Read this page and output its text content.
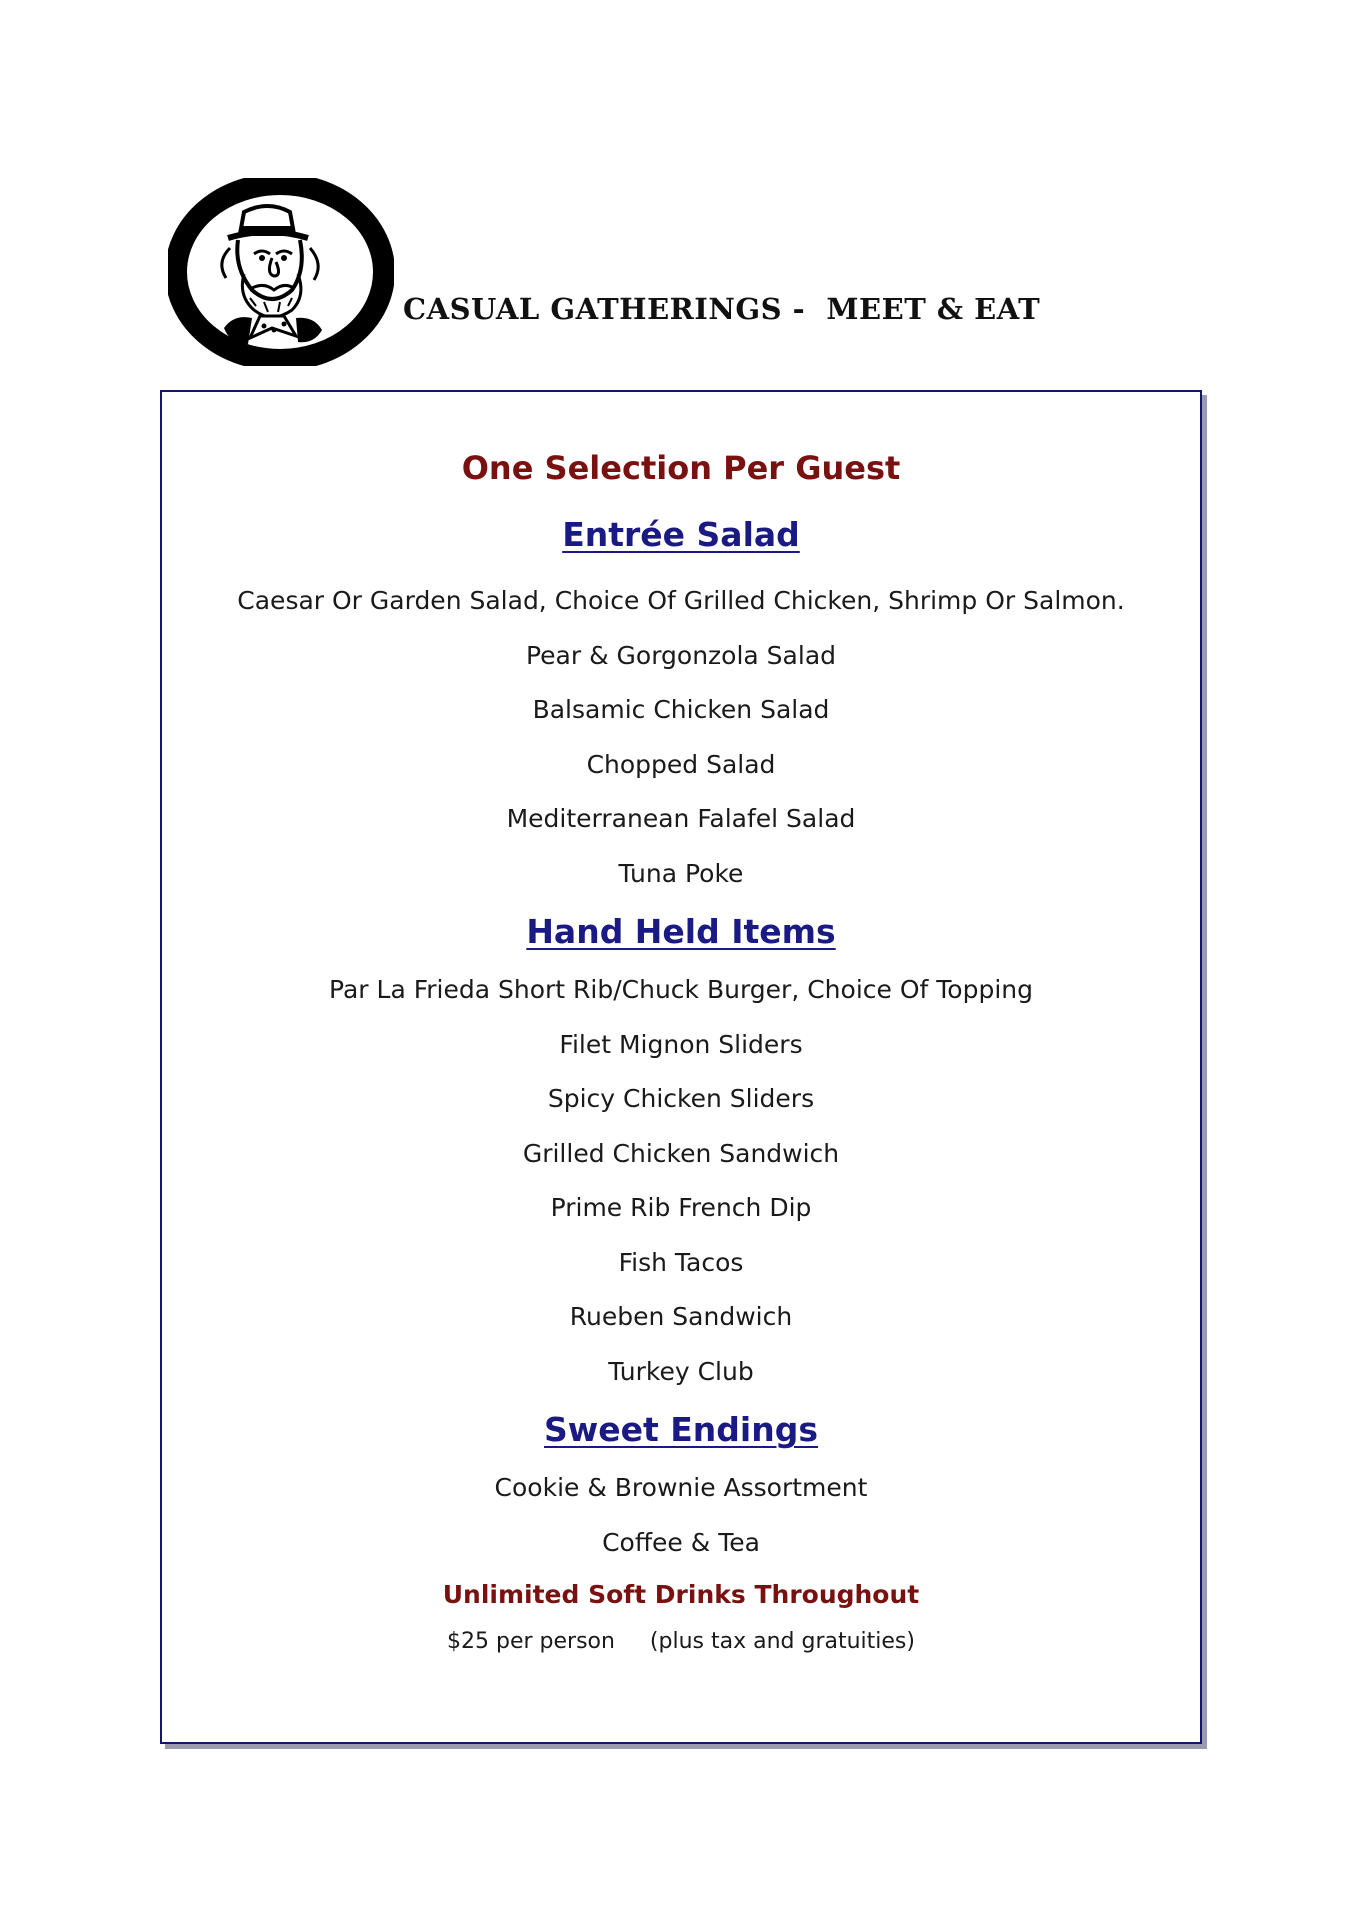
CASUAL GATHERINGS -  MEET & EAT

One Selection Per Guest

Entrée Salad
Caesar Or Garden Salad, Choice Of Grilled Chicken, Shrimp Or Salmon.
Pear & Gorgonzola Salad
Balsamic Chicken Salad
Chopped Salad
Mediterranean Falafel Salad
Tuna Poke
Hand Held Items
Par La Frieda Short Rib/Chuck Burger, Choice Of Topping
Filet Mignon Sliders
Spicy Chicken Sliders
Grilled Chicken Sandwich
Prime Rib French Dip
Fish Tacos
Rueben Sandwich
Turkey Club
Sweet Endings
Cookie & Brownie Assortment
Coffee & Tea

Unlimited Soft Drinks Throughout

$25 per person (plus tax and gratuities)
